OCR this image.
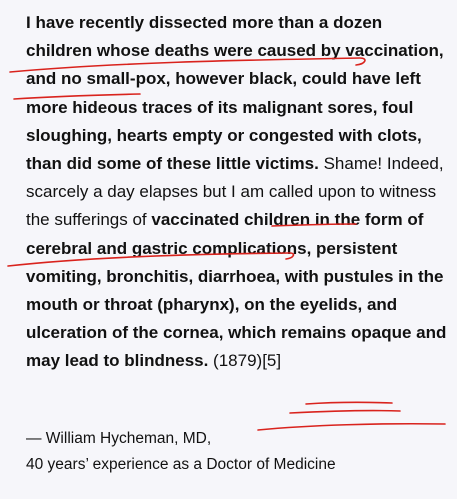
I have recently dissected more than a dozen children whose deaths were caused by vaccination, and no small-pox, however black, could have left more hideous traces of its malignant sores, foul sloughing, hearts empty or congested with clots, than did some of these little victims. Shame! Indeed, scarcely a day elapses but I am called upon to witness the sufferings of vaccinated children in the form of cerebral and gastric complications, persistent vomiting, bronchitis, diarrhoea, with pustules in the mouth or throat (pharynx), on the eyelids, and ulceration of the cornea, which remains opaque and may lead to blindness. (1879)[5]

— William Hycheman, MD,
40 years’ experience as a Doctor of Medicine
